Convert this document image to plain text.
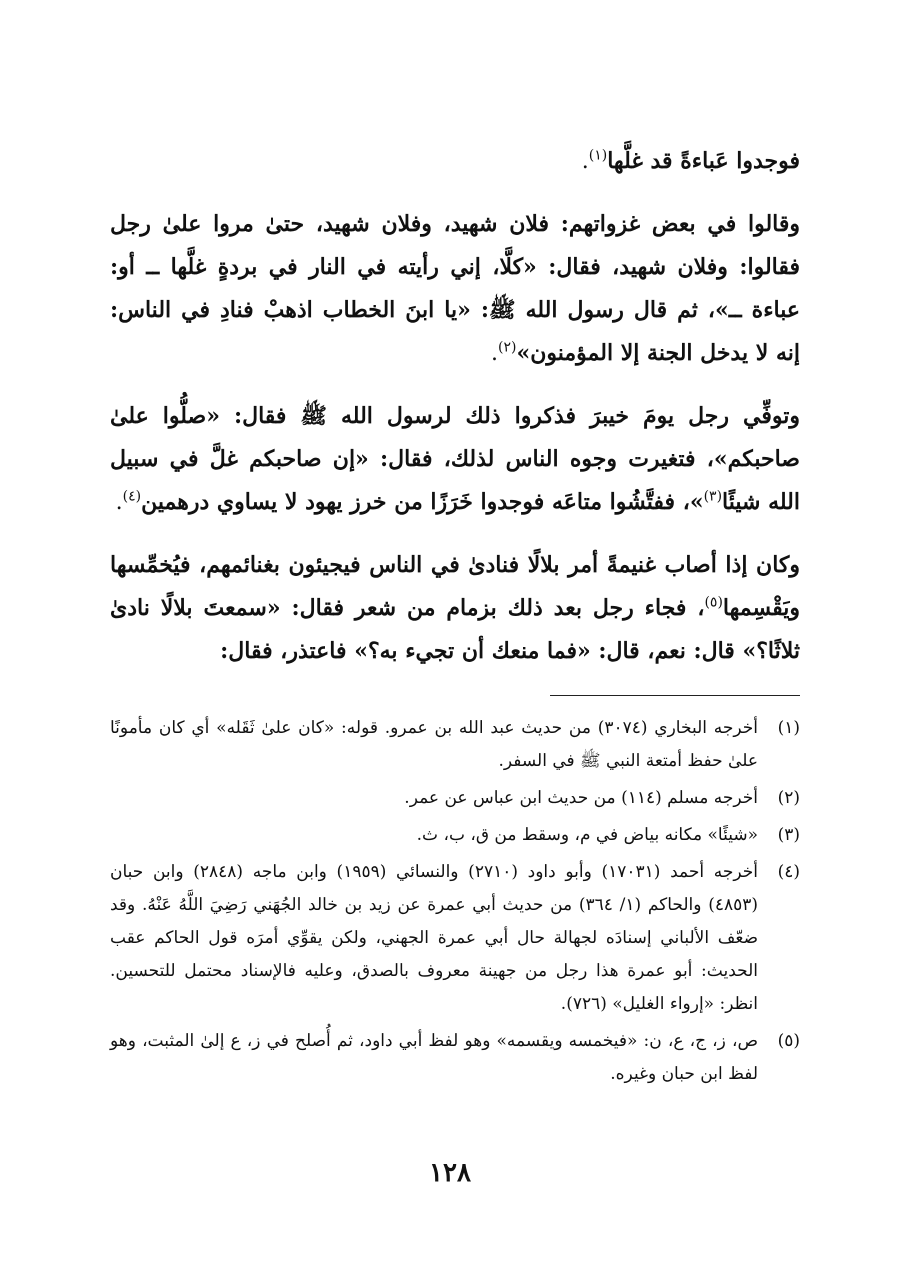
فوجدوا عَباءةً قد غلَّها$^{(١)}$.

وقالوا في بعض غزواتهم: فلان شهيد، وفلان شهيد، حتىٰ مروا علىٰ رجل فقالوا: وفلان شهيد، فقال: «كلَّا، إني رأيته في النار في بردةٍ غلَّها ــ أو: عباءة ــ»، ثم قال رسول الله ﷺ: «يا ابنَ الخطاب اذهبْ فنادِ في الناس: إنه لا يدخل الجنة إلا المؤمنون»$^{(٢)}$.

وتوفِّي رجل يومَ خيبرَ فذكروا ذلك لرسول الله ﷺ فقال: «صلُّوا علىٰ صاحبكم»، فتغيرت وجوه الناس لذلك، فقال: «إن صاحبكم غلَّ في سبيل الله شيئًا$^{(٣)}$»، ففتَّشُوا متاعَه فوجدوا خَرَزًا من خرز يهود لا يساوي درهمين$^{(٤)}$.

وكان إذا أصاب غنيمةً أمر بلالًا فنادىٰ في الناس فيجيئون بغنائمهم، فيُخمِّسها ويَقْسِمها$^{(٥)}$، فجاء رجل بعد ذلك بزمام من شعر فقال: «سمعتَ بلالًا نادىٰ ثلاثًا؟» قال: نعم، قال: «فما منعك أن تجيء به؟» فاعتذر، فقال:

(١)
أخرجه البخاري (٣٠٧٤) من حديث عبد الله بن عمرو. قوله: «كان علىٰ ثَقَله» أي كان مأمونًا علىٰ حفظ أمتعة النبي ﷺ في السفر.
(٢)
أخرجه مسلم (١١٤) من حديث ابن عباس عن عمر.
(٣)
«شيئًا» مكانه بياض في م، وسقط من ق، ب، ث.
(٤)
أخرجه أحمد (١٧٠٣١) وأبو داود (٢٧١٠) والنسائي (١٩٥٩) وابن ماجه (٢٨٤٨) وابن حبان (٤٨٥٣) والحاكم (١/ ٣٦٤) من حديث أبي عمرة عن زيد بن خالد الجُهَني رَضِيَ اللَّهُ عَنْهُ. وقد ضعّف الألباني إسنادَه لجهالة حال أبي عمرة الجهني، ولكن يقوِّي أمرَه قول الحاكم عقب الحديث: أبو عمرة هذا رجل من جهينة معروف بالصدق، وعليه فالإسناد محتمل للتحسين. انظر: «إرواء الغليل» (٧٢٦).
(٥)
ص، ز، ج، ع، ن: «فيخمسه ويقسمه» وهو لفظ أبي داود، ثم أُصلح في ز، ع إلىٰ المثبت، وهو لفظ ابن حبان وغيره.
١٢٨
